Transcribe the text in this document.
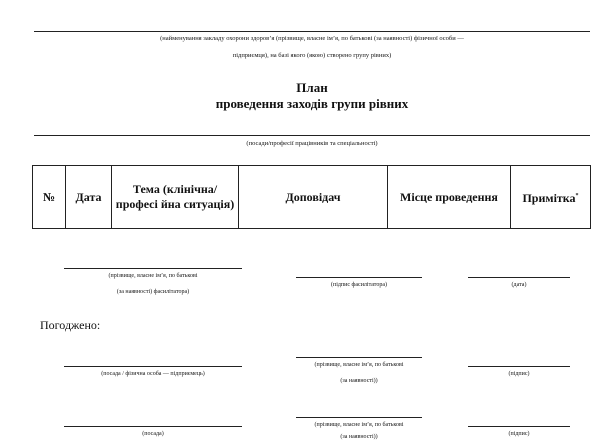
(найменування закладу охорони здоров’я (прізвище, власне ім’я, по батькові (за наявності) фізичної особи —
підприємця), на базі якого (якою) створено групу рівних)
План
проведення заходів групи рівних
(посади/професії працівників та спеціальності)
№	Дата	Тема (клінічна/професі йна ситуація)	Доповідач	Місце проведення	Примітка*
(прізвище, власне ім’я, по батькові
(за наявності) фасилітатора)
(підпис фасилітатора)	(дата)
Погоджено:
(посада / фізична особа — підприємець)
(прізвище, власне ім’я, по батькові
(за наявності))
(підпис)
(посада)
(прізвище, власне ім’я, по батькові
(за наявності))	(підпис)
